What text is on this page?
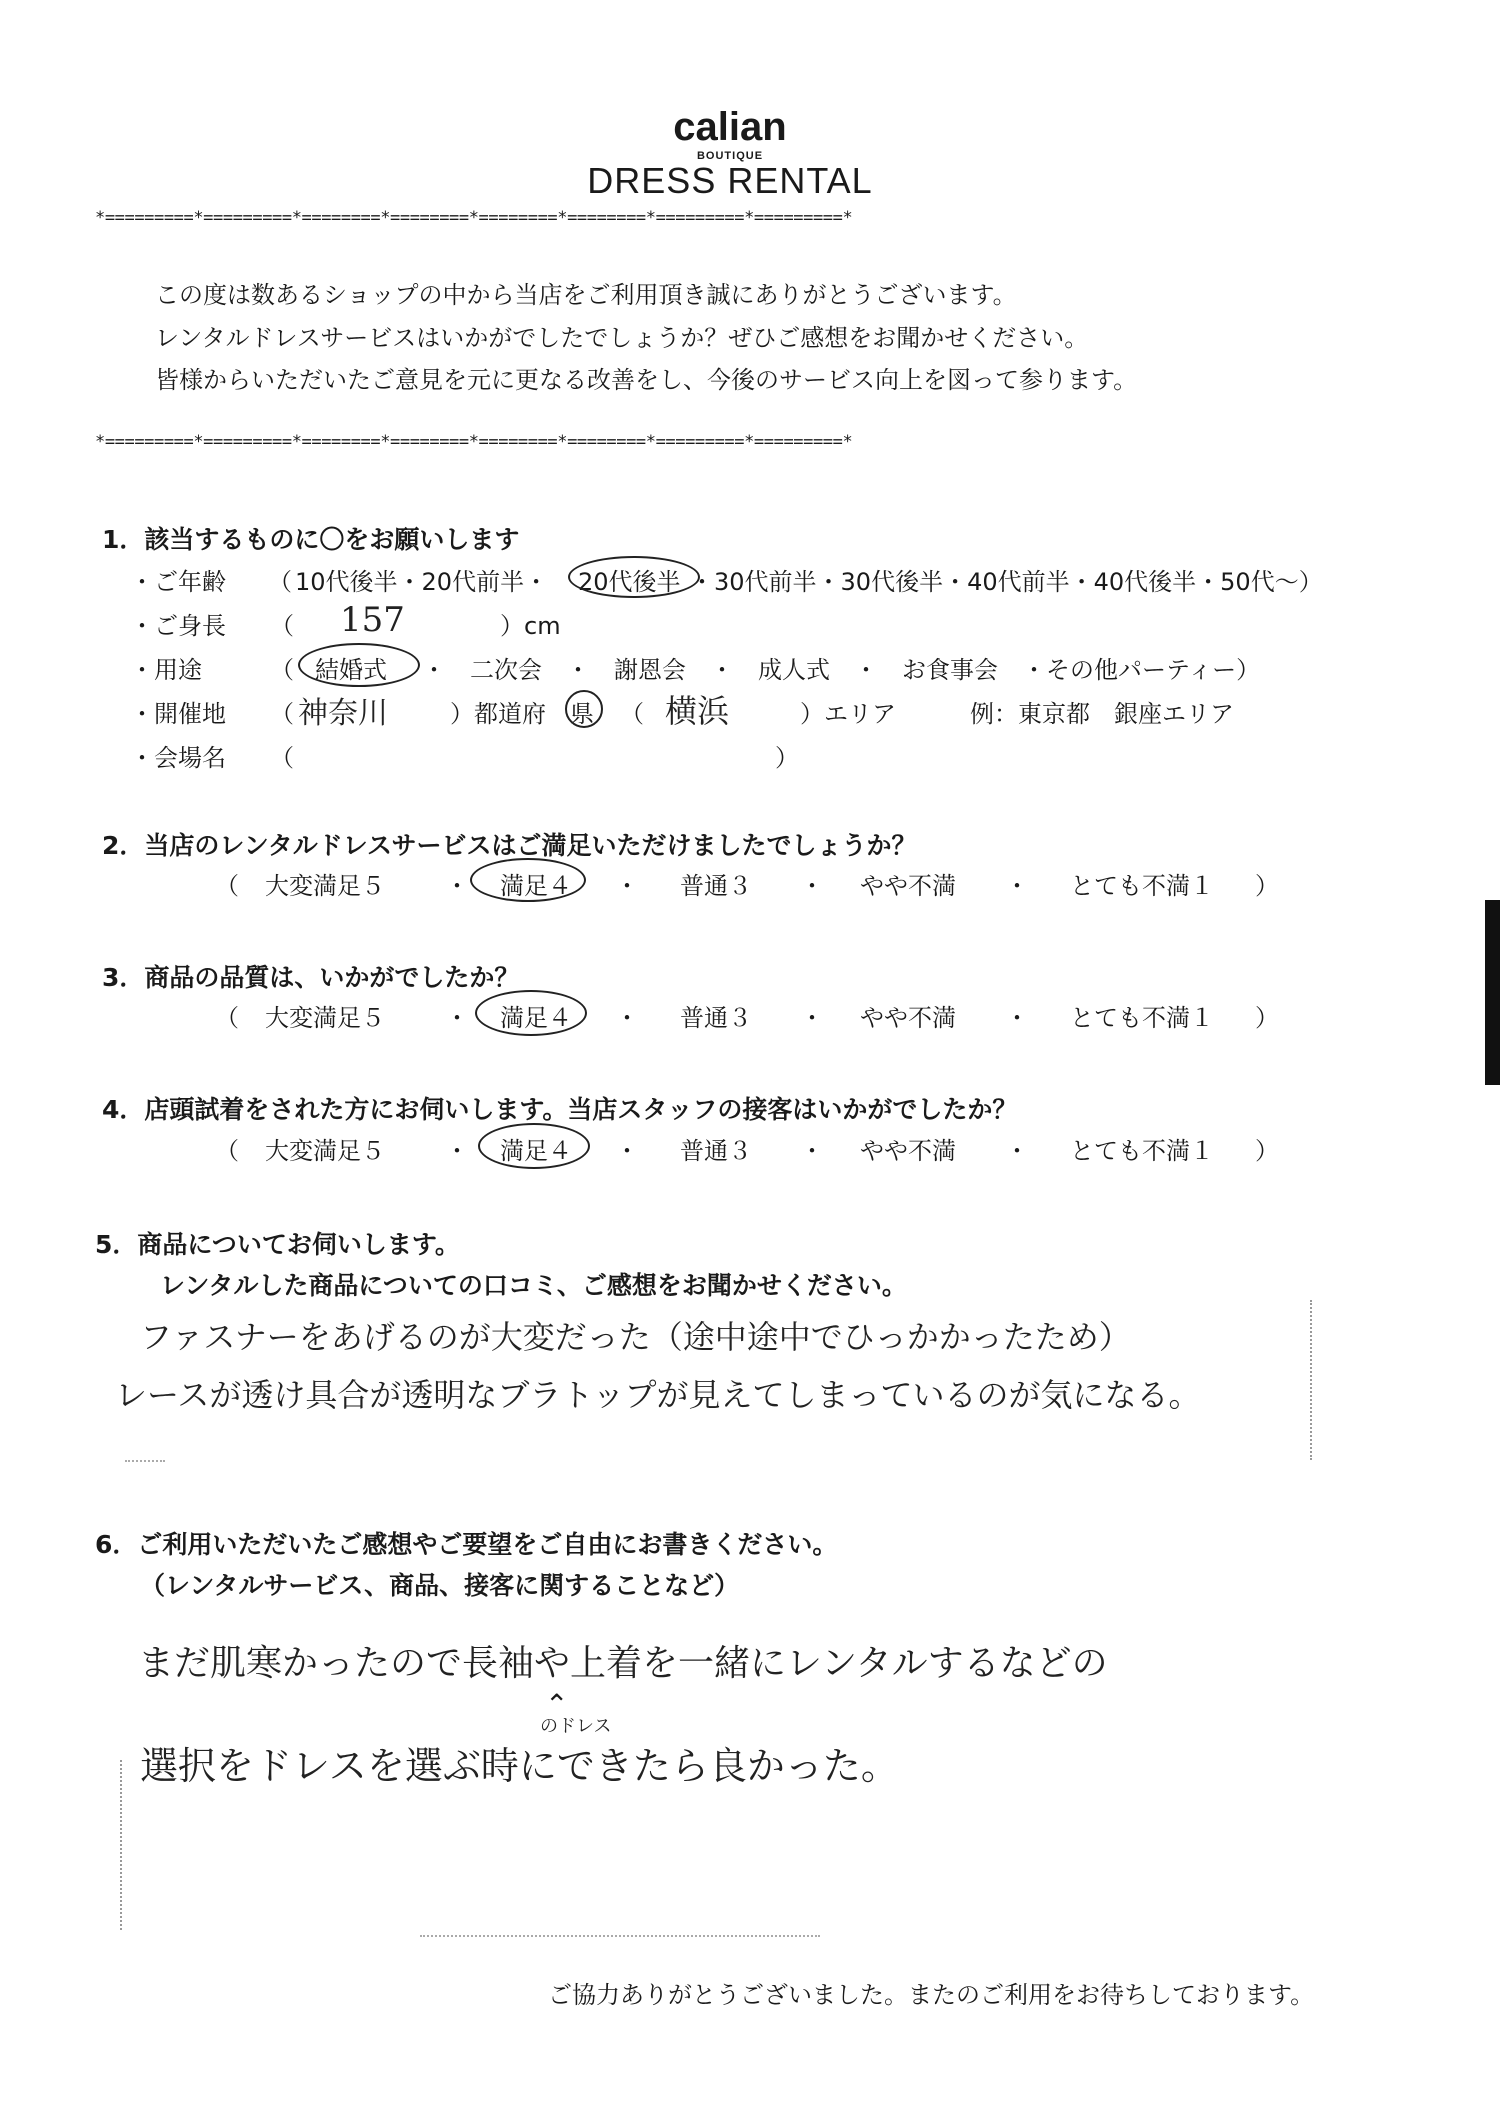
calian
BOUTIQUE
DRESS RENTAL
*=========*=========*========*========*========*========*=========*=========*
この度は数あるショップの中から当店をご利用頂き誠にありがとうございます。
レンタルドレスサービスはいかがでしたでしょうか？ぜひご感想をお聞かせください。
皆様からいただいたご意見を元に更なる改善をし、今後のサービス向上を図って参ります。
*=========*=========*========*========*========*========*=========*=========*
1．該当するものに〇をお願いします
・ご年齢 （ 10代後半・20代前半・ 20代後半 ・30代前半・30代後半・40代前半・40代後半・50代〜）
・ご身長 （ 157	）cm
・用途	（ 結婚式 ・　二次会　・　謝恩会　・　成人式　・　お食事会　・その他パーティー）
・開催地 （ 神奈川	）都道府 県 （ 横浜	）エリア	例：東京都　銀座エリア
・会場名 （	）
2．当店のレンタルドレスサービスはご満足いただけましたでしょうか？
（ 大変満足５	・ 満足４ ・ 普通３ ・ やや不満 ・ とても不満１ ）
3．商品の品質は、いかがでしたか？
（ 大変満足５	・ 満足４ ・ 普通３ ・ やや不満 ・ とても不満１ ）
4．店頭試着をされた方にお伺いします。当店スタッフの接客はいかがでしたか？
（ 大変満足５	・ 満足４ ・ 普通３ ・ やや不満 ・ とても不満１ ）
5．商品についてお伺いします。
レンタルした商品についての口コミ、ご感想をお聞かせください。
ファスナーをあげるのが大変だった（途中途中でひっかかったため）
レースが透け具合が透明なブラトップが見えてしまっているのが気になる。
6．ご利用いただいたご感想やご要望をご自由にお書きください。
（レンタルサービス、商品、接客に関することなど）
まだ肌寒かったので長袖や上着を一緒にレンタルするなどの
⌃
のドレス
選択をドレスを選ぶ時にできたら良かった。
ご協力ありがとうございました。またのご利用をお待ちしております。
